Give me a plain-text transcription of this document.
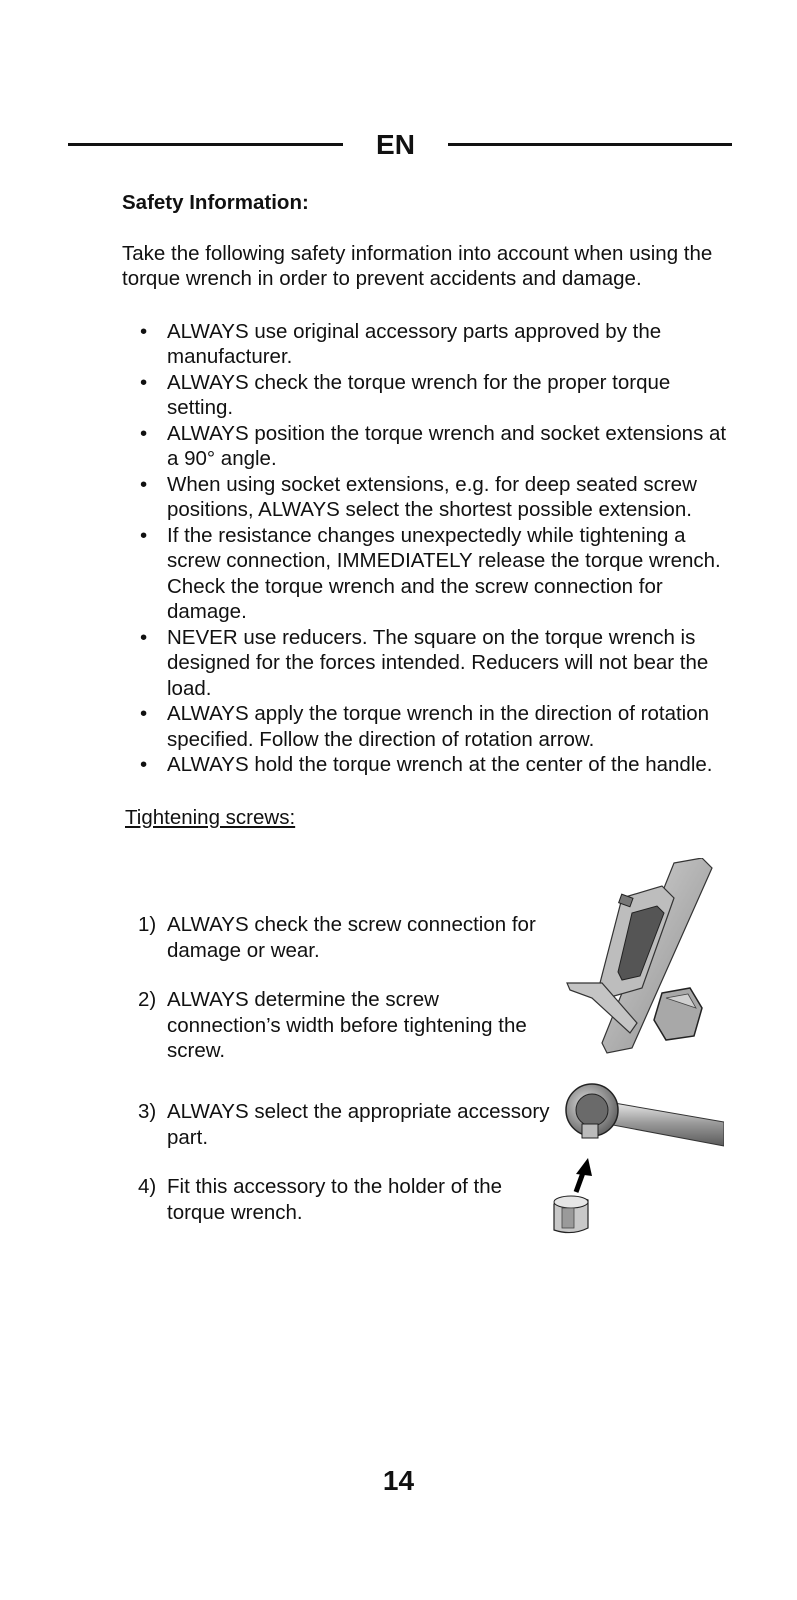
EN

Safety Information:

Take the following safety information into account when using the torque wrench in order to prevent accidents and damage.

• ALWAYS use original accessory parts approved by the manufacturer.
• ALWAYS check the torque wrench for the proper torque setting.
• ALWAYS position the torque wrench and socket extensions at a 90° angle.
• When using socket extensions, e.g. for deep seated screw positions, ALWAYS select the shortest possible extension.
• If the resistance changes unexpectedly while tightening a screw connection, IMMEDIATELY release the torque wrench. Check the torque wrench and the screw connection for damage.
• NEVER use reducers. The square on the torque wrench is designed for the forces intended. Reducers will not bear the load.
• ALWAYS apply the torque wrench in the direction of rotation specified. Follow the direction of rotation arrow.
• ALWAYS hold the torque wrench at the center of the handle.

Tightening screws:

1) ALWAYS check the screw connection for damage or wear.
2) ALWAYS determine the screw connection’s width before tightening the screw.
3) ALWAYS select the appropriate accessory part.
4) Fit this accessory to the holder of the torque wrench.
14
